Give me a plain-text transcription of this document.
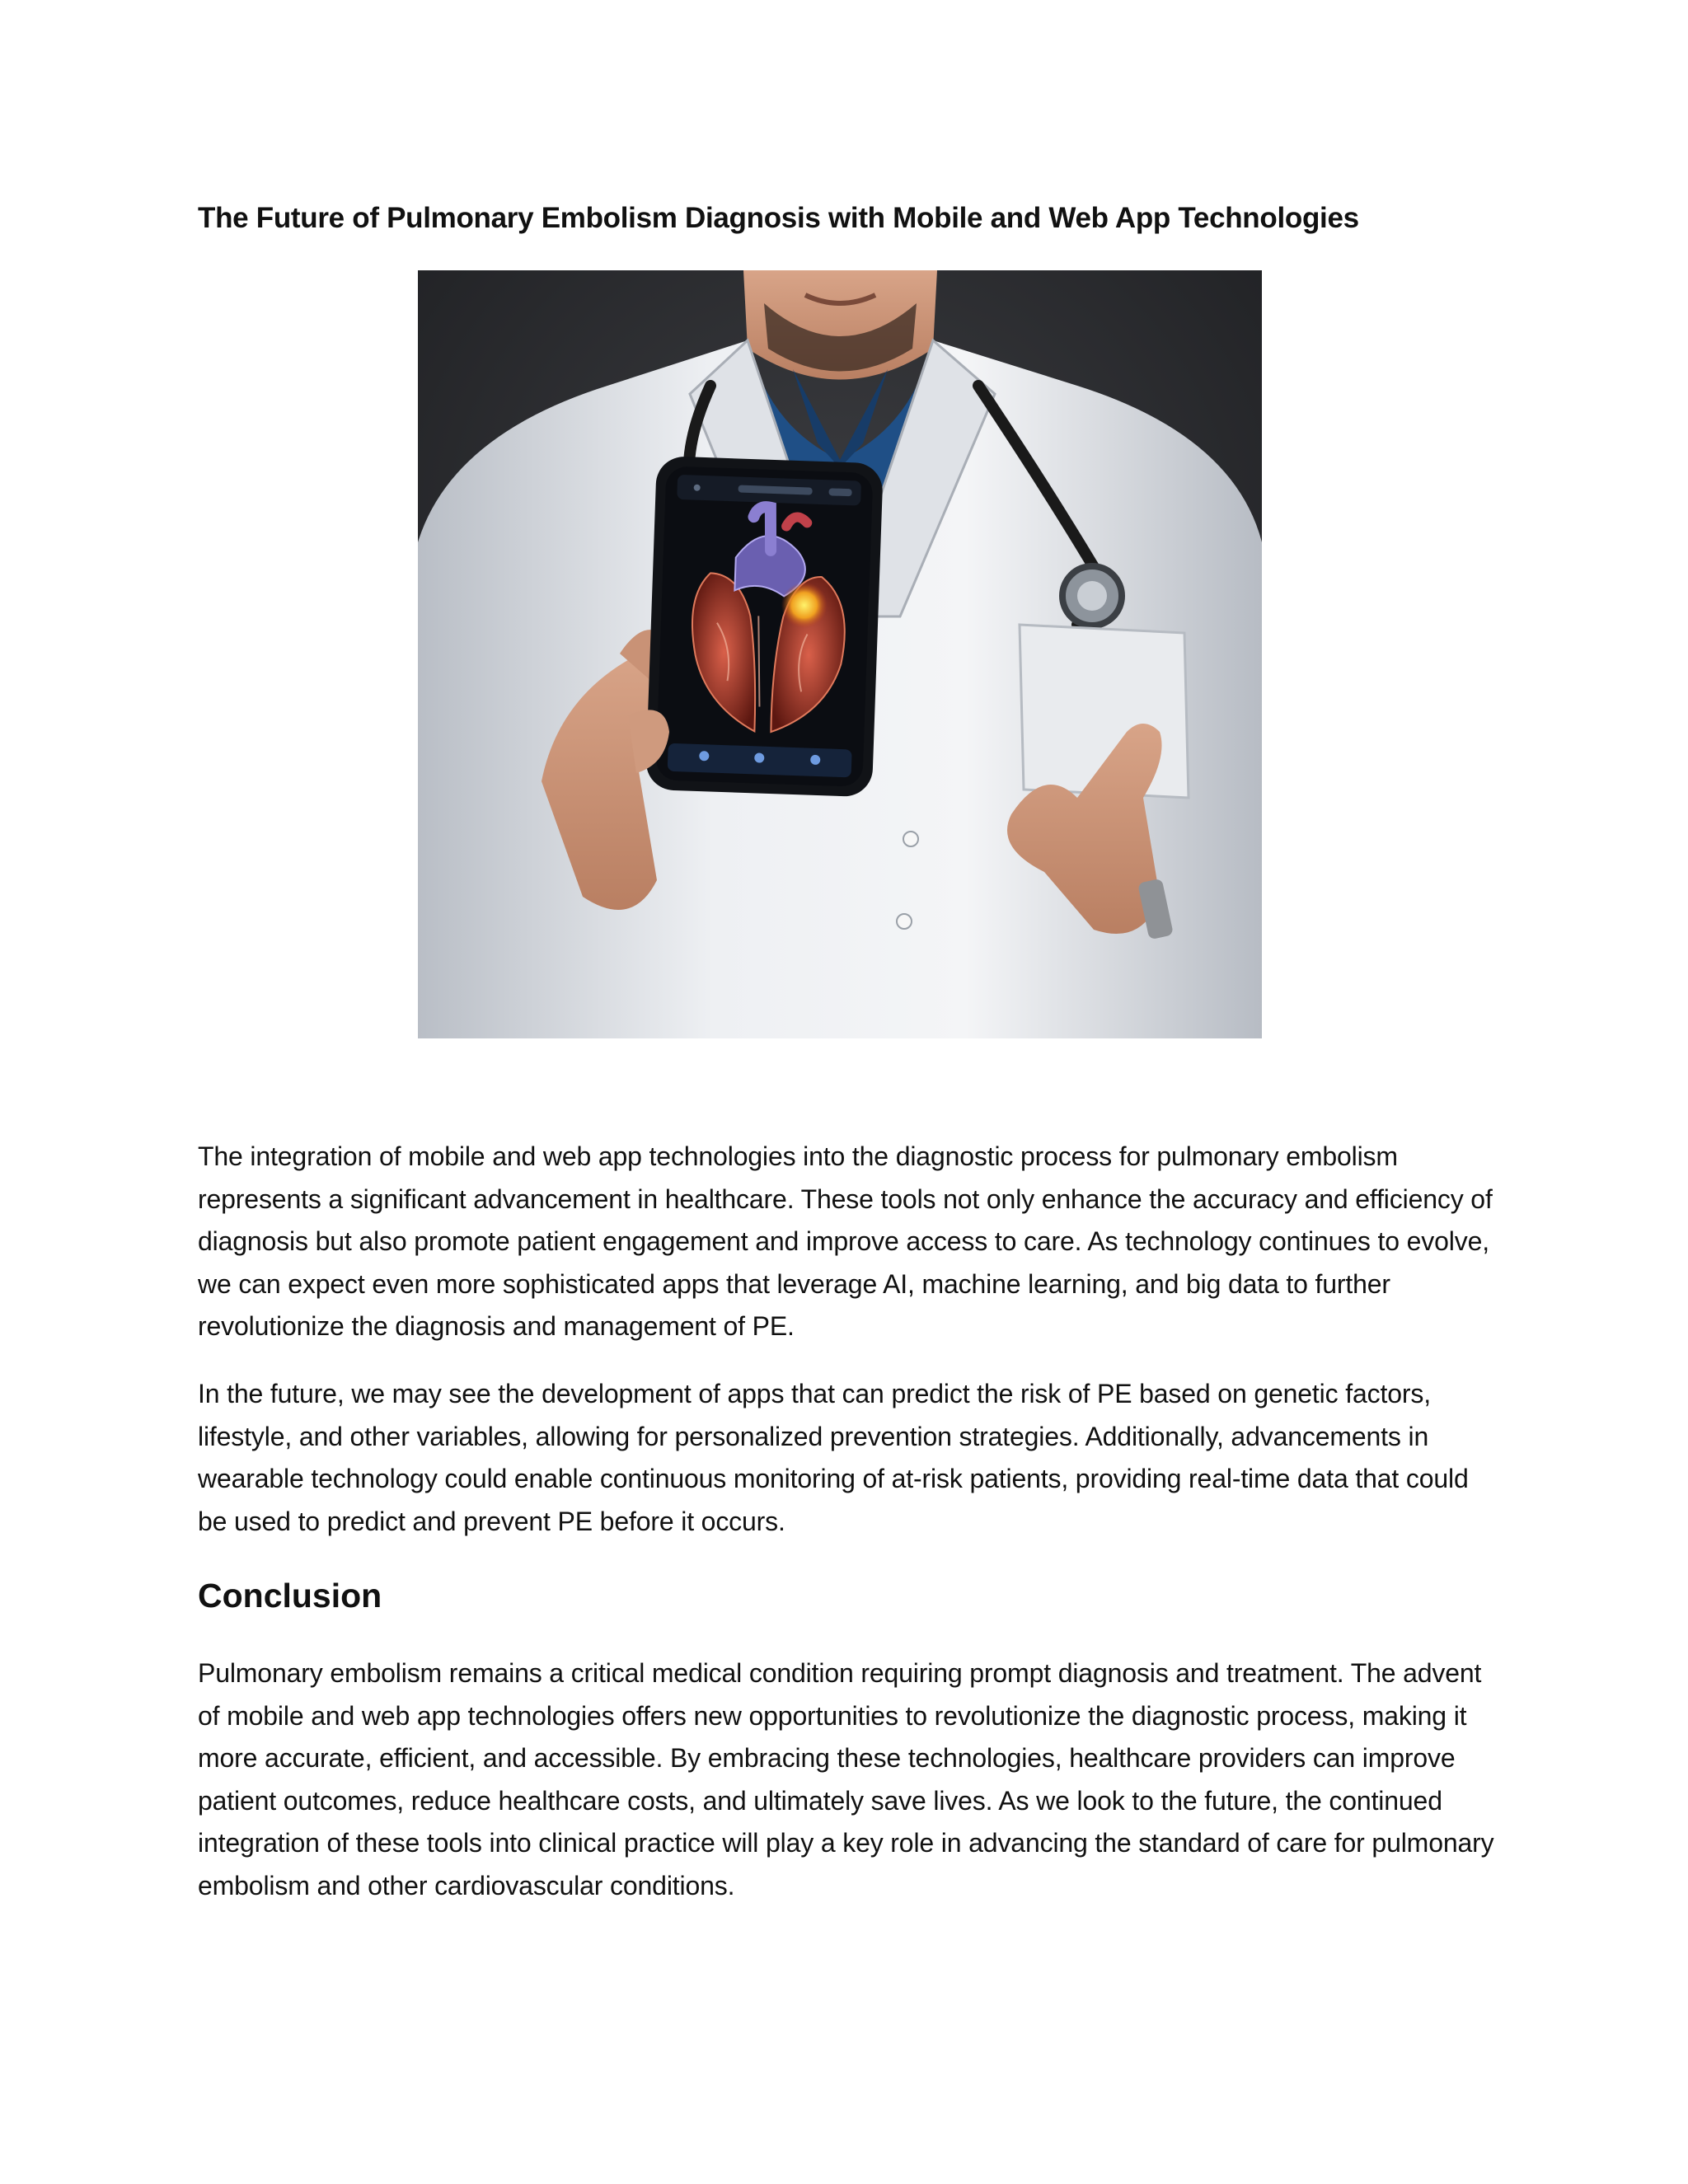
The Future of Pulmonary Embolism Diagnosis with Mobile and Web App Technologies

The integration of mobile and web app technologies into the diagnostic process for pulmonary embolism represents a significant advancement in healthcare. These tools not only enhance the accuracy and efficiency of diagnosis but also promote patient engagement and improve access to care. As technology continues to evolve, we can expect even more sophisticated apps that leverage AI, machine learning, and big data to further revolutionize the diagnosis and management of PE.

In the future, we may see the development of apps that can predict the risk of PE based on genetic factors, lifestyle, and other variables, allowing for personalized prevention strategies. Additionally, advancements in wearable technology could enable continuous monitoring of at-risk patients, providing real-time data that could be used to predict and prevent PE before it occurs.

Conclusion

Pulmonary embolism remains a critical medical condition requiring prompt diagnosis and treatment. The advent of mobile and web app technologies offers new opportunities to revolutionize the diagnostic process, making it more accurate, efficient, and accessible. By embracing these technologies, healthcare providers can improve patient outcomes, reduce healthcare costs, and ultimately save lives. As we look to the future, the continued integration of these tools into clinical practice will play a key role in advancing the standard of care for pulmonary embolism and other cardiovascular conditions.
